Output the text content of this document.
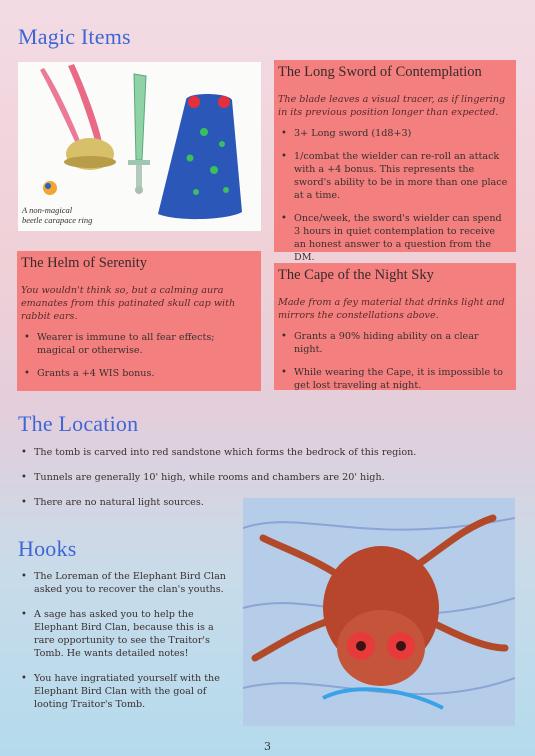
Magic Items
A non-magical
beetle carapace ring
The Long Sword of Contemplation

The blade leaves a visual tracer, as if lingering in its previous position longer than expected.

• 3+ Long sword (1d8+3)
• 1/combat the wielder can re-roll an attack with a +4 bonus. This represents the sword's ability to be in more than one place at a time.
• Once/week, the sword's wielder can spend 3 hours in quiet contemplation to receive an honest answer to a question from the DM.
The Helm of Serenity

You wouldn't think so, but a calming aura emanates from this patinated skull cap with rabbit ears.

• Wearer is immune to all fear effects; magical or otherwise.
• Grants a +4 WIS bonus.
The Cape of the Night Sky

Made from a fey material that drinks light and mirrors the constellations above.

• Grants a 90% hiding ability on a clear night.
• While wearing the Cape, it is impossible to get lost traveling at night.
The Location
• The tomb is carved into red sandstone which forms the bedrock of this region.
• Tunnels are generally 10' high, while rooms and chambers are 20' high.
• There are no natural light sources.
Hooks
• The Loreman of the Elephant Bird Clan asked you to recover the clan's youths.
• A sage has asked you to help the Elephant Bird Clan, because this is a rare opportunity to see the Traitor's Tomb. He wants detailed notes!
• You have ingratiated yourself with the Elephant Bird Clan with the goal of looting Traitor's Tomb.
3
